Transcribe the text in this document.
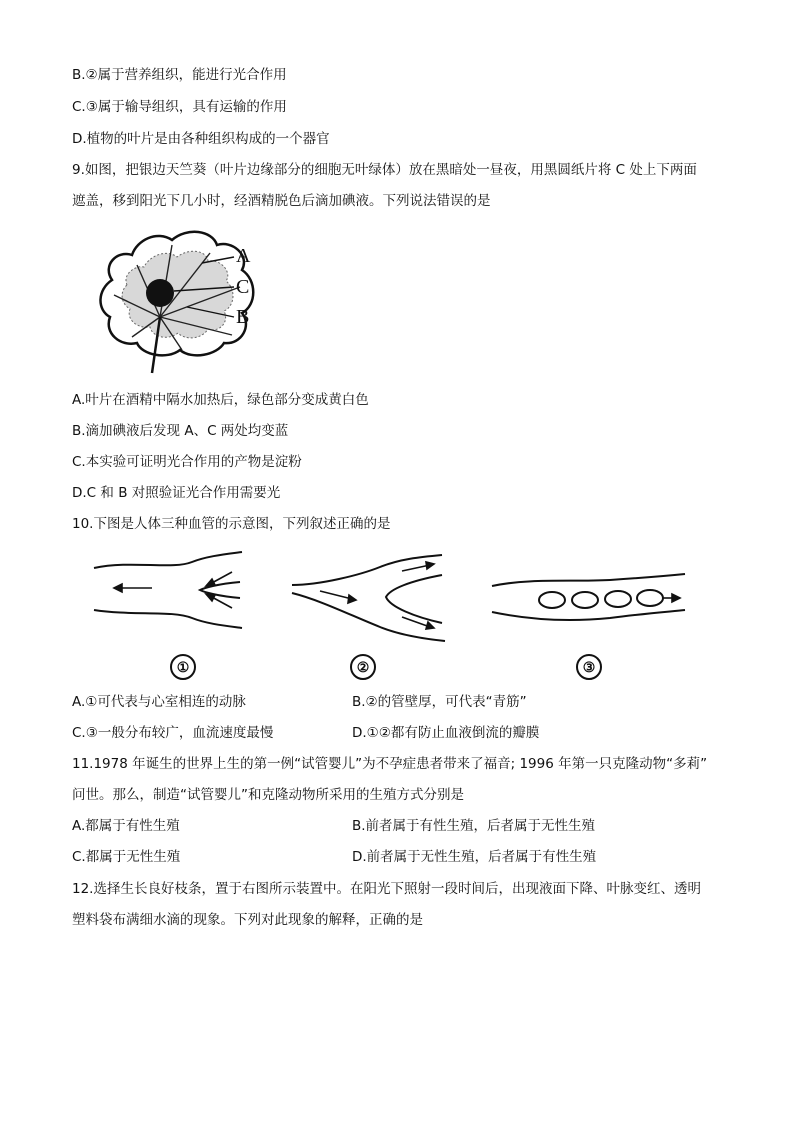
B.②属于营养组织，能进行光合作用
C.③属于输导组织，具有运输的作用
D.植物的叶片是由各种组织构成的一个器官
9.如图，把银边天竺葵（叶片边缘部分的细胞无叶绿体）放在黑暗处一昼夜，用黑圆纸片将 C 处上下两面
遮盖，移到阳光下几小时，经酒精脱色后滴加碘液。下列说法错误的是
A
C
B
A.叶片在酒精中隔水加热后，绿色部分变成黄白色
B.滴加碘液后发现 A、C 两处均变蓝
C.本实验可证明光合作用的产物是淀粉
D.C 和 B 对照验证光合作用需要光
10.下图是人体三种血管的示意图，下列叙述正确的是
①	②	③
A.①可代表与心室相连的动脉	B.②的管壁厚，可代表“青筋”
C.③一般分布较广，血流速度最慢	D.①②都有防止血液倒流的瓣膜
11.1978 年诞生的世界上生的第一例“试管婴儿”为不孕症患者带来了福音; 1996 年第一只克隆动物“多莉”
问世。那么，制造“试管婴儿”和克隆动物所采用的生殖方式分别是
A.都属于有性生殖	B.前者属于有性生殖，后者属于无性生殖
C.都属于无性生殖	D.前者属于无性生殖，后者属于有性生殖
12.选择生长良好枝条，置于右图所示装置中。在阳光下照射一段时间后，出现液面下降、叶脉变红、透明
塑料袋布满细水滴的现象。下列对此现象的解释，正确的是
